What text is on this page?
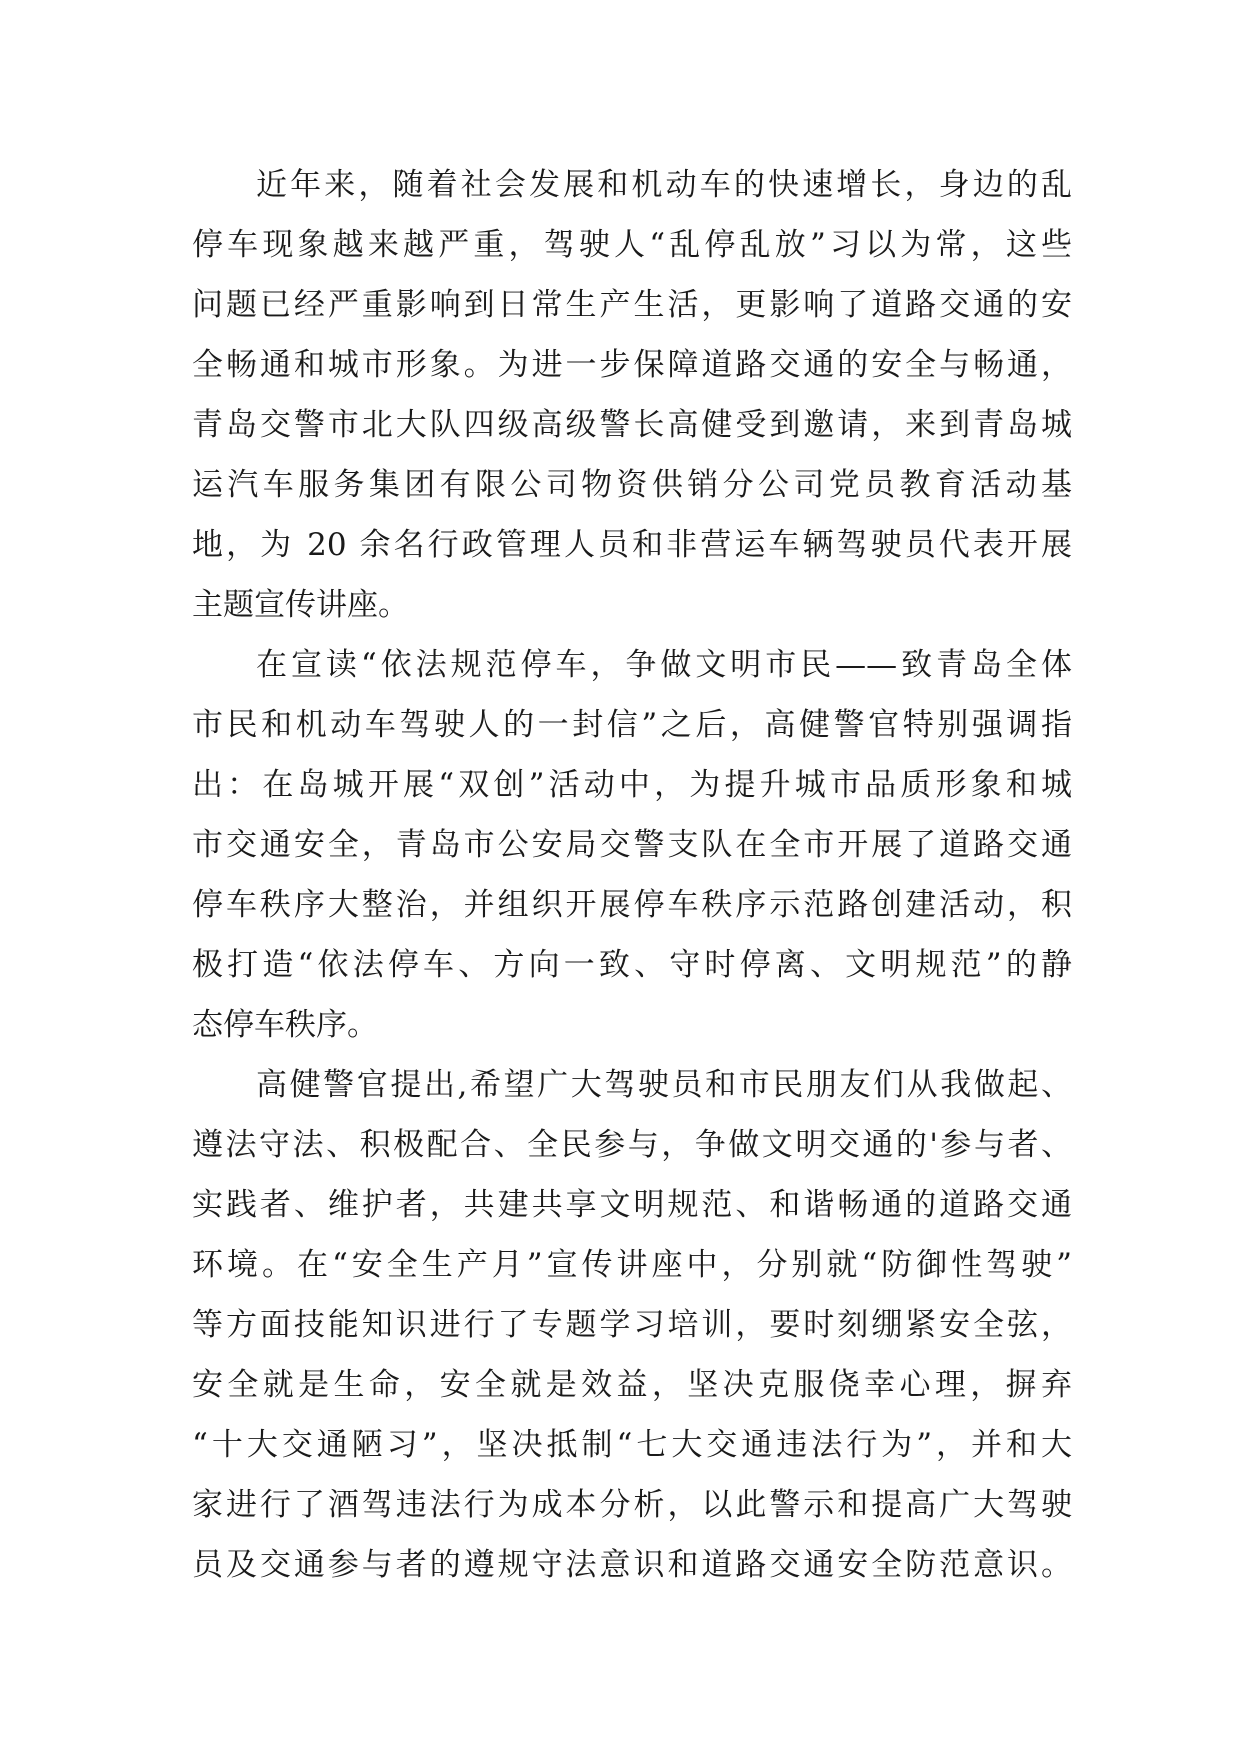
近年来，随着社会发展和机动车的快速增长，身边的乱
停车现象越来越严重，驾驶人“乱停乱放”习以为常，这些
问题已经严重影响到日常生产生活，更影响了道路交通的安
全畅通和城市形象。为进一步保障道路交通的安全与畅通，
青岛交警市北大队四级高级警长高健受到邀请，来到青岛城
运汽车服务集团有限公司物资供销分公司党员教育活动基
地，为 20 余名行政管理人员和非营运车辆驾驶员代表开展
主题宣传讲座。
在宣读“依法规范停车，争做文明市民——致青岛全体
市民和机动车驾驶人的一封信”之后，高健警官特别强调指
出：在岛城开展“双创”活动中，为提升城市品质形象和城
市交通安全，青岛市公安局交警支队在全市开展了道路交通
停车秩序大整治，并组织开展停车秩序示范路创建活动，积
极打造“依法停车、方向一致、守时停离、文明规范”的静
态停车秩序。
高健警官提出,希望广大驾驶员和市民朋友们从我做起、
遵法守法、积极配合、全民参与，争做文明交通的'参与者、
实践者、维护者，共建共享文明规范、和谐畅通的道路交通
环境。在“安全生产月”宣传讲座中，分别就“防御性驾驶”
等方面技能知识进行了专题学习培训，要时刻绷紧安全弦，
安全就是生命，安全就是效益，坚决克服侥幸心理，摒弃
“十大交通陋习”，坚决抵制“七大交通违法行为”，并和大
家进行了酒驾违法行为成本分析，以此警示和提高广大驾驶
员及交通参与者的遵规守法意识和道路交通安全防范意识。
